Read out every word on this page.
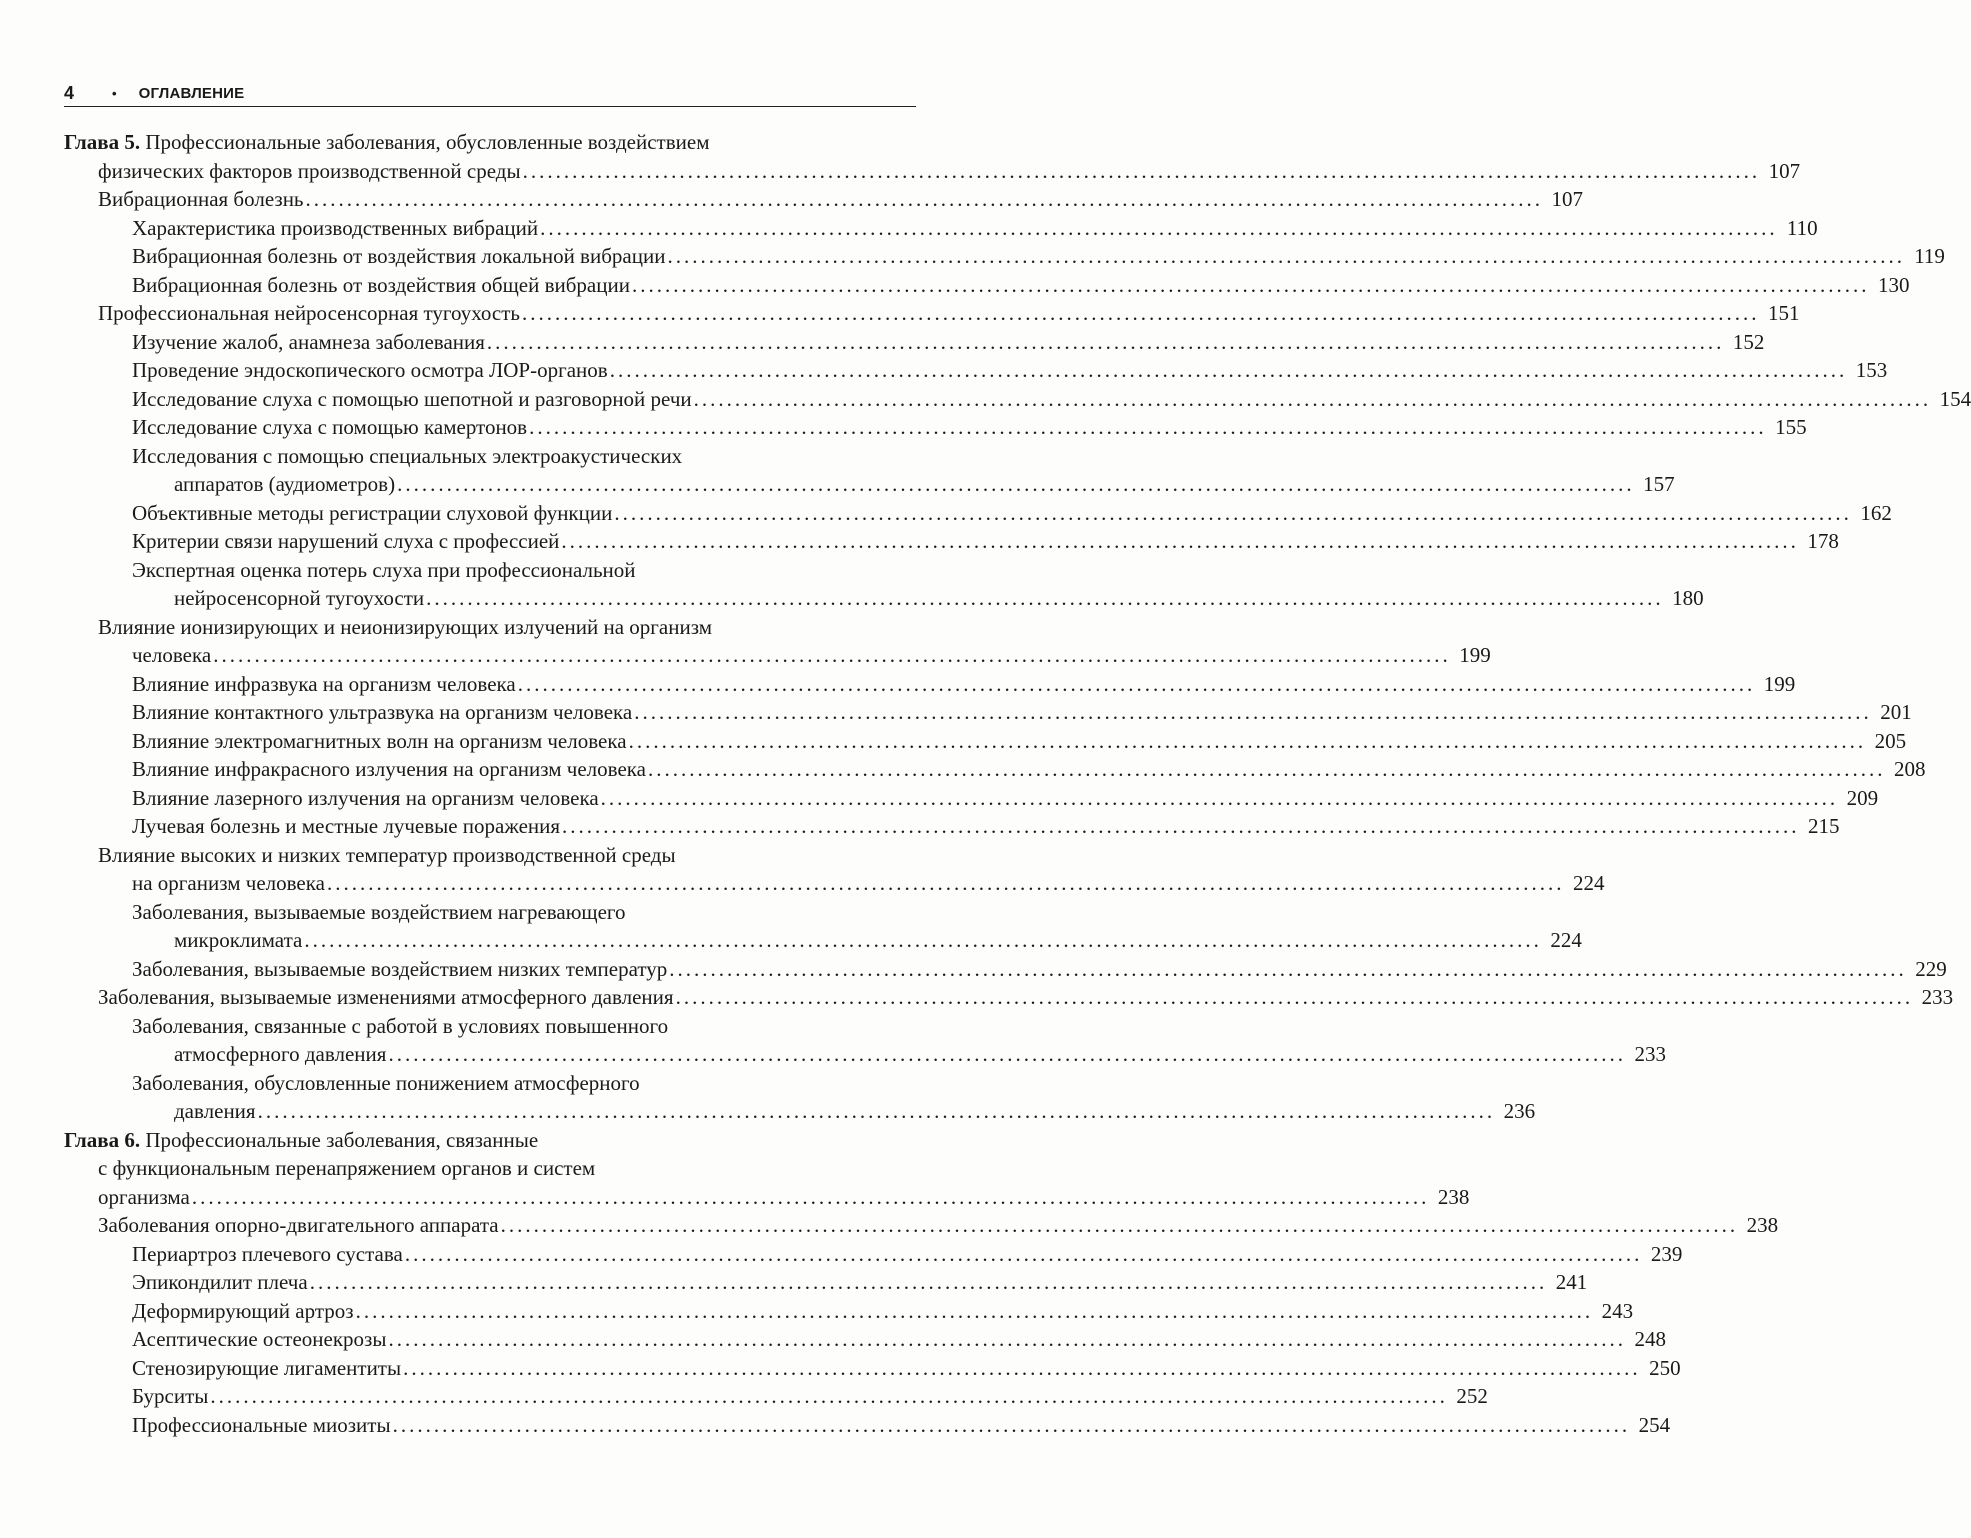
4	• ОГЛАВЛЕНИЕ
Глава 5. Профессиональные заболевания, обусловленные воздействием
физических факторов производственной среды ...................................................................................................................................................... 107
Вибрационная болезнь ...................................................................................................................................................... 107
Характеристика производственных вибраций ...................................................................................................................................................... 110
Вибрационная болезнь от воздействия локальной вибрации ...................................................................................................................................................... 119
Вибрационная болезнь от воздействия общей вибрации ...................................................................................................................................................... 130
Профессиональная нейросенсорная тугоухость ...................................................................................................................................................... 151
Изучение жалоб, анамнеза заболевания ...................................................................................................................................................... 152
Проведение эндоскопического осмотра ЛОР-органов ...................................................................................................................................................... 153
Исследование слуха с помощью шепотной и разговорной речи ...................................................................................................................................................... 154
Исследование слуха с помощью камертонов ...................................................................................................................................................... 155
Исследования с помощью специальных электроакустических
аппаратов (аудиометров) ...................................................................................................................................................... 157
Объективные методы регистрации слуховой функции ...................................................................................................................................................... 162
Критерии связи нарушений слуха с профессией ...................................................................................................................................................... 178
Экспертная оценка потерь слуха при профессиональной
нейросенсорной тугоухости ...................................................................................................................................................... 180
Влияние ионизирующих и неионизирующих излучений на организм
человека ...................................................................................................................................................... 199
Влияние инфразвука на организм человека ...................................................................................................................................................... 199
Влияние контактного ультразвука на организм человека ...................................................................................................................................................... 201
Влияние электромагнитных волн на организм человека ...................................................................................................................................................... 205
Влияние инфракрасного излучения на организм человека ...................................................................................................................................................... 208
Влияние лазерного излучения на организм человека ...................................................................................................................................................... 209
Лучевая болезнь и местные лучевые поражения ...................................................................................................................................................... 215
Влияние высоких и низких температур производственной среды
на организм человека ...................................................................................................................................................... 224
Заболевания, вызываемые воздействием нагревающего
микроклимата ...................................................................................................................................................... 224
Заболевания, вызываемые воздействием низких температур ...................................................................................................................................................... 229
Заболевания, вызываемые изменениями атмосферного давления ...................................................................................................................................................... 233
Заболевания, связанные с работой в условиях повышенного
атмосферного давления ...................................................................................................................................................... 233
Заболевания, обусловленные понижением атмосферного
давления ...................................................................................................................................................... 236
Глава 6. Профессиональные заболевания, связанные
с функциональным перенапряжением органов и систем
организма ...................................................................................................................................................... 238
Заболевания опорно-двигательного аппарата ...................................................................................................................................................... 238
Периартроз плечевого сустава ...................................................................................................................................................... 239
Эпикондилит плеча ...................................................................................................................................................... 241
Деформирующий артроз ...................................................................................................................................................... 243
Асептические остеонекрозы ...................................................................................................................................................... 248
Стенозирующие лигаментиты ...................................................................................................................................................... 250
Бурситы ...................................................................................................................................................... 252
Профессиональные миозиты ...................................................................................................................................................... 254
